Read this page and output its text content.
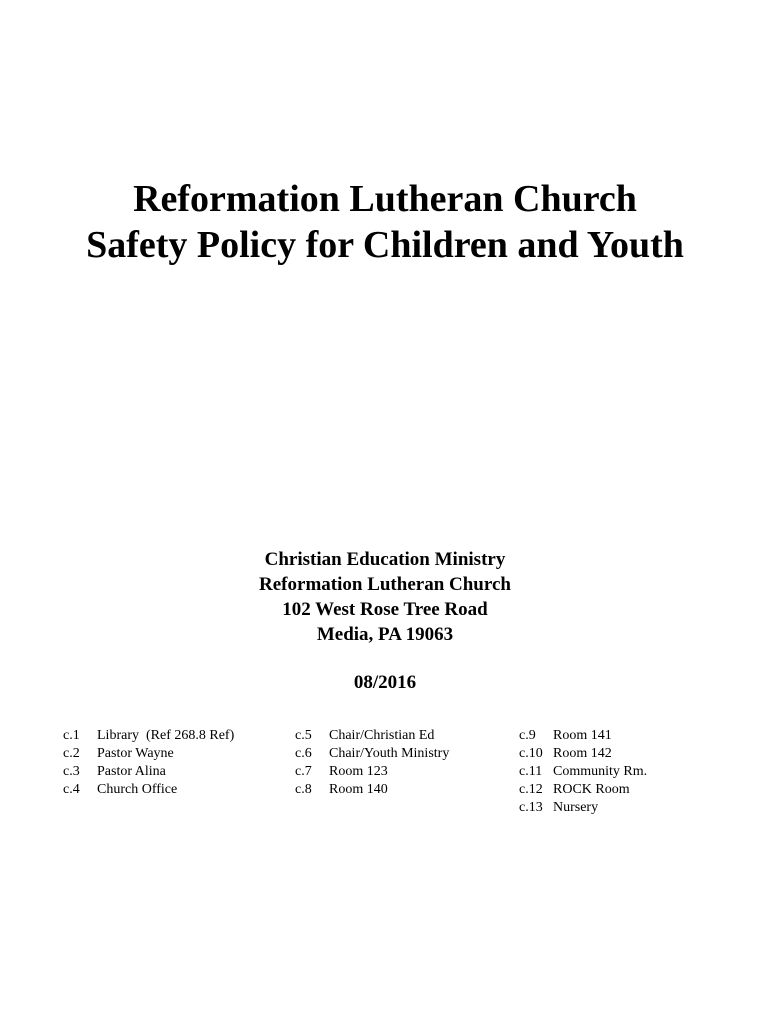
Reformation Lutheran Church

Safety Policy for Children and Youth

Christian Education Ministry

Reformation Lutheran Church

102 West Rose Tree Road

Media, PA 19063

08/2016

c.1 Library  (Ref 268.8 Ref)
c.2 Pastor Wayne
c.3 Pastor Alina
c.4 Church Office
c.5 Chair/Christian Ed
c.6 Chair/Youth Ministry
c.7 Room 123
c.8 Room 140
c.9 Room 141
c.10 Room 142
c.11 Community Rm.
c.12 ROCK Room
c.13 Nursery
